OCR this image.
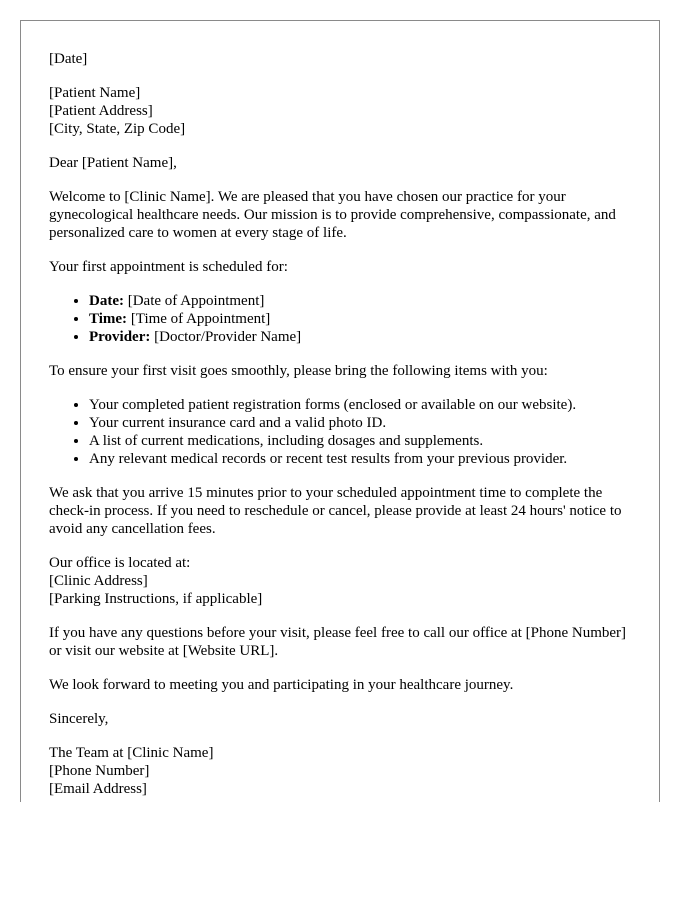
[Date]

[Patient Name]
[Patient Address]
[City, State, Zip Code]

Dear [Patient Name],

Welcome to [Clinic Name]. We are pleased that you have chosen our practice for your gynecological healthcare needs. Our mission is to provide comprehensive, compassionate, and personalized care to women at every stage of life.

Your first appointment is scheduled for:

• Date: [Date of Appointment]
• Time: [Time of Appointment]
• Provider: [Doctor/Provider Name]

To ensure your first visit goes smoothly, please bring the following items with you:

• Your completed patient registration forms (enclosed or available on our website).
• Your current insurance card and a valid photo ID.
• A list of current medications, including dosages and supplements.
• Any relevant medical records or recent test results from your previous provider.

We ask that you arrive 15 minutes prior to your scheduled appointment time to complete the check-in process. If you need to reschedule or cancel, please provide at least 24 hours' notice to avoid any cancellation fees.

Our office is located at:
[Clinic Address]
[Parking Instructions, if applicable]

If you have any questions before your visit, please feel free to call our office at [Phone Number] or visit our website at [Website URL].

We look forward to meeting you and participating in your healthcare journey.

Sincerely,

The Team at [Clinic Name]
[Phone Number]
[Email Address]
